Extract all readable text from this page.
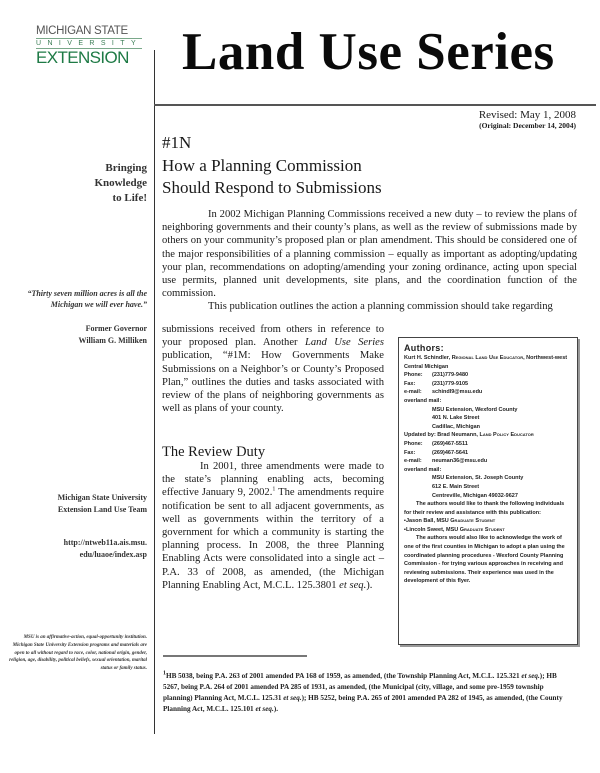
MICHIGAN STATE
UNIVERSITY
EXTENSION Land Use Series
Revised: May 1, 2008
(Original: December 14, 2004)
#1N
How a Planning Commission
Should Respond to Submissions
Bringing
Knowledge
to Life!
“Thirty seven million acres is all the Michigan we will ever have.”
Former Governor
William G. Milliken
Michigan State University
Extension Land Use Team
http://ntweb11a.ais.msu.
edu/luaoe/index.asp
MSU is an affirmative-action, equal-opportunity institution. Michigan State University Extension programs and materials are open to all without regard to race, color, national origin, gender, religion, age, disability, political beliefs, sexual orientation, marital status or family status.

In 2002 Michigan Planning Commissions received a new duty – to review the plans of neighboring governments and their county’s plans, as well as the review of submissions made by others on your community’s proposed plan or plan amendment. This should be considered one of the major responsibilities of a planning commission – equally as important as adopting/updating your plan, recommendations on adopting/amending your zoning ordinance, acting upon special use permits, planned unit developments, site plans, and the coordination function of the commission.

This publication outlines the action a planning commission should take regarding

submissions received from others in reference to your proposed plan. Another Land Use Series publication, “#1M: How Governments Make Submissions on a Neighbor’s or County’s Proposed Plan,” outlines the duties and tasks associated with review of the plans of neighboring governments as well as plans of your county.

The Review Duty

In 2001, three amendments were made to the state’s planning enabling acts, becoming effective January 9, 2002.$^1$ The amendments require notification be sent to all adjacent governments, as well as governments within the territory of a government for which a community is starting the planning process. In 2008, the three Planning Enabling Acts were consolidated into a single act – P.A. 33 of 2008, as amended, (the Michigan Planning Enabling Act, M.C.L. 125.3801 et seq.).

Authors:
Kurt H. Schindler, Regional Land Use Educator, Northwest-west Central Michigan
Phone:	(231)779-9480
Fax:	(231)779-9105
e-mail:	schindl9@msu.edu
overland mail:
MSU Extension, Wexford County
401 N. Lake Street
Cadillac, Michigan
Updated by: Brad Neumann, Land Policy Educator
Phone:	(269)467-5511
Fax:	(269)467-5641
e-mail:	neuman36@msu.edu
overland mail:
MSU Extension, St. Joseph County
612 E. Main Street
Centreville, Michigan 49032-9627
The authors would like to thank the following individuals for their review and assistance with this publication:
▪Jason Ball, MSU Graduate Student
▪Lincoln Sweet, MSU Graduate Student
The authors would also like to acknowledge the work of one of the first counties in Michigan to adopt a plan using the coordinated planning procedures - Wexford County Planning Commission - for trying various approaches in receiving and reviewing submissions. Their experience was used in the development of this flyer.
$^1$HB 5038, being P.A. 263 of 2001 amended PA 168 of 1959, as amended, (the Township Planning Act, M.C.L. 125.321 et seq.); HB 5267, being P.A. 264 of 2001 amended PA 285 of 1931, as amended, (the Municipal (city, village, and some pre-1959 township planning) Planning Act, M.C.L. 125.31 et seq.); HB 5252, being P.A. 265 of 2001 amended PA 282 of 1945, as amended, (the County Planning Act, M.C.L. 125.101 et seq.).
